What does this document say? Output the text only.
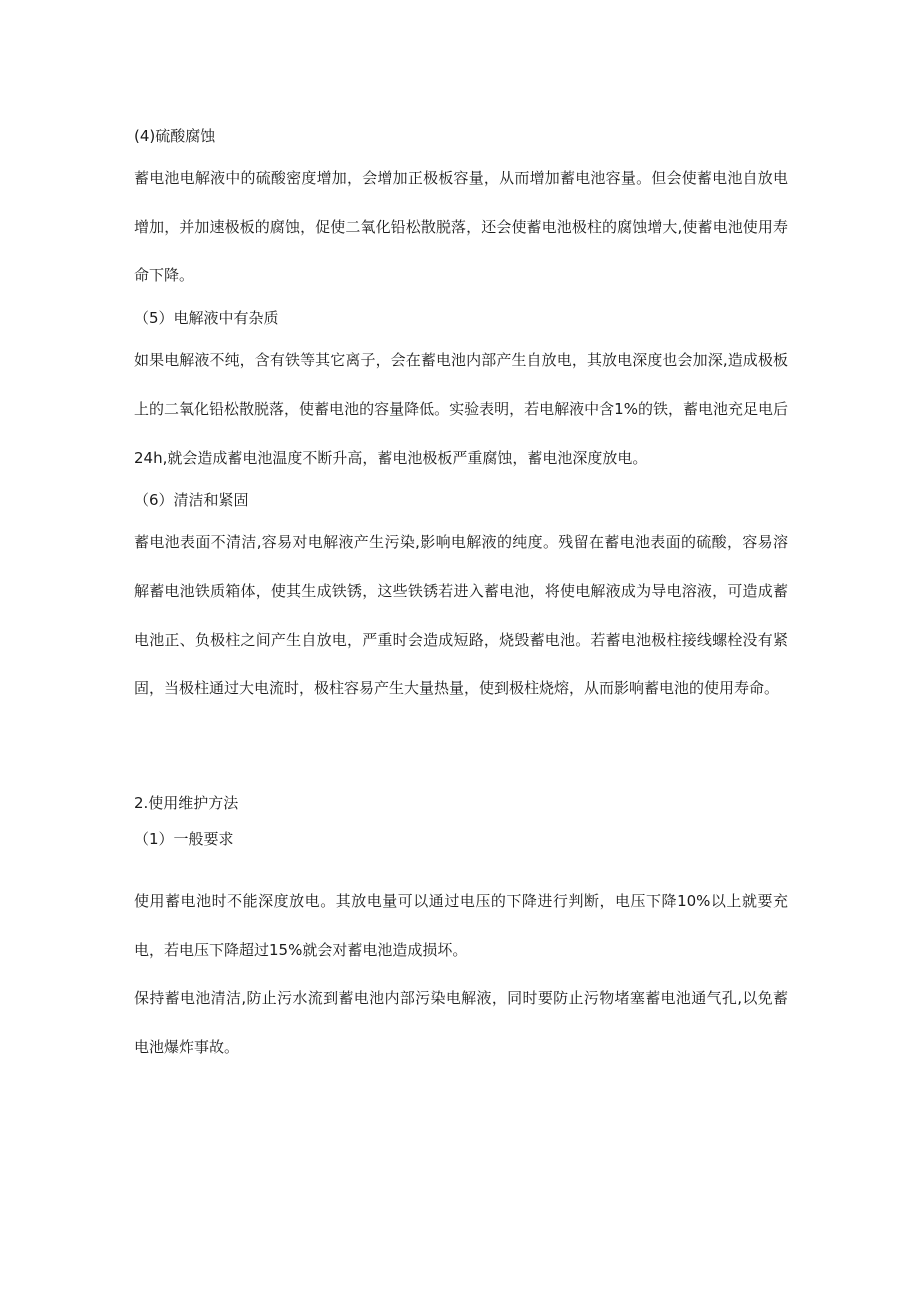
(4)硫酸腐蚀

蓄电池电解液中的硫酸密度增加，会增加正极板容量，从而增加蓄电池容量。但会使蓄电池自放电增加，并加速极板的腐蚀，促使二氧化铅松散脱落，还会使蓄电池极柱的腐蚀增大,使蓄电池使用寿命下降。

（5）电解液中有杂质

如果电解液不纯，含有铁等其它离子，会在蓄电池内部产生自放电，其放电深度也会加深,造成极板上的二氧化铅松散脱落，使蓄电池的容量降低。实验表明，若电解液中含1%的铁，蓄电池充足电后24h,就会造成蓄电池温度不断升高，蓄电池极板严重腐蚀，蓄电池深度放电。

（6）清洁和紧固

蓄电池表面不清洁,容易对电解液产生污染,影响电解液的纯度。残留在蓄电池表面的硫酸，容易溶解蓄电池铁质箱体，使其生成铁锈，这些铁锈若进入蓄电池，将使电解液成为导电溶液，可造成蓄电池正、负极柱之间产生自放电，严重时会造成短路，烧毁蓄电池。若蓄电池极柱接线螺栓没有紧固，当极柱通过大电流时，极柱容易产生大量热量，使到极柱烧熔，从而影响蓄电池的使用寿命。

2.使用维护方法

（1）一般要求

使用蓄电池时不能深度放电。其放电量可以通过电压的下降进行判断，电压下降10%以上就要充电，若电压下降超过15%就会对蓄电池造成损坏。

保持蓄电池清洁,防止污水流到蓄电池内部污染电解液，同时要防止污物堵塞蓄电池通气孔,以免蓄电池爆炸事故。
